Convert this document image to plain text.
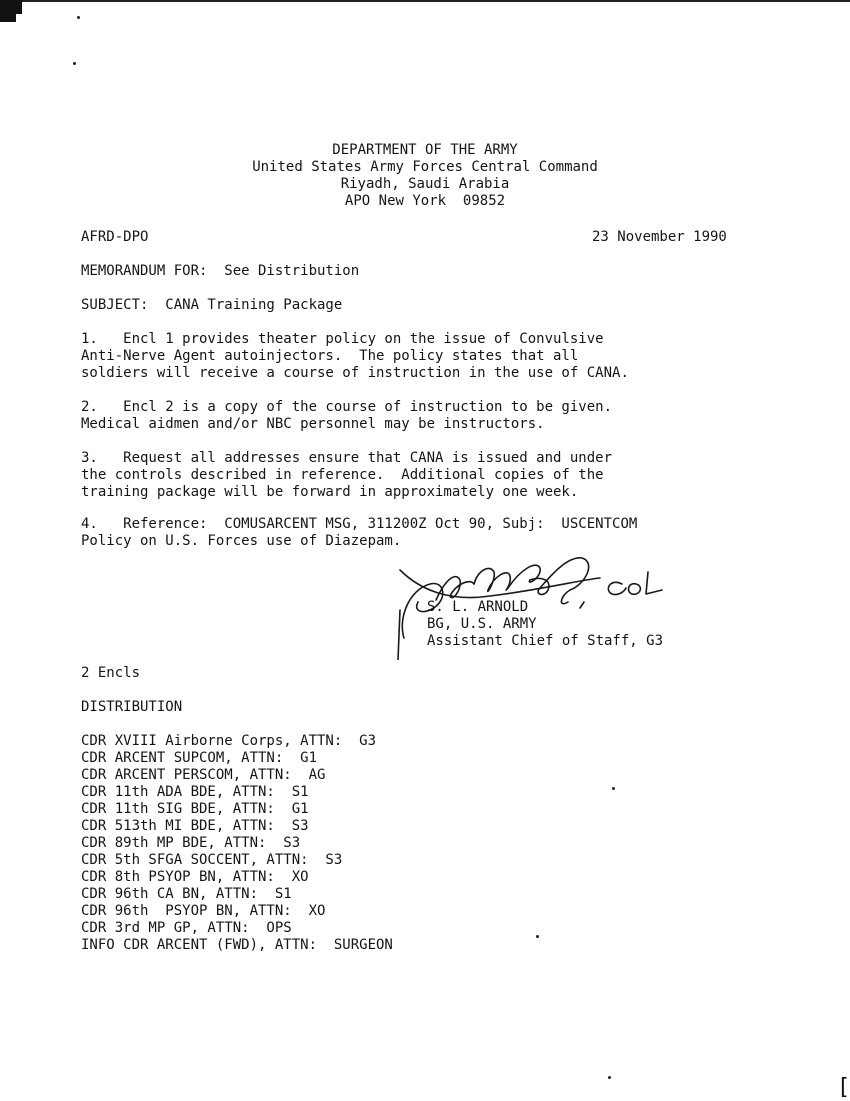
DEPARTMENT OF THE ARMY
United States Army Forces Central Command
Riyadh, Saudi Arabia
APO New York  09852
AFRD-DPO	23 November 1990
MEMORANDUM FOR:  See Distribution
SUBJECT:  CANA Training Package
1.   Encl 1 provides theater policy on the issue of Convulsive
Anti-Nerve Agent autoinjectors.  The policy states that all
soldiers will receive a course of instruction in the use of CANA.
2.   Encl 2 is a copy of the course of instruction to be given.
Medical aidmen and/or NBC personnel may be instructors.
3.   Request all addresses ensure that CANA is issued and under
the controls described in reference.  Additional copies of the
training package will be forward in approximately one week.
4.   Reference:  COMUSARCENT MSG, 311200Z Oct 90, Subj:  USCENTCOM
Policy on U.S. Forces use of Diazepam.
S. L. ARNOLD
BG, U.S. ARMY
Assistant Chief of Staff, G3
2 Encls
DISTRIBUTION
CDR XVIII Airborne Corps, ATTN:  G3
CDR ARCENT SUPCOM, ATTN:  G1
CDR ARCENT PERSCOM, ATTN:  AG
CDR 11th ADA BDE, ATTN:  S1
CDR 11th SIG BDE, ATTN:  G1
CDR 513th MI BDE, ATTN:  S3
CDR 89th MP BDE, ATTN:  S3
CDR 5th SFGA SOCCENT, ATTN:  S3
CDR 8th PSYOP BN, ATTN:  XO
CDR 96th CA BN, ATTN:  S1
CDR 96th  PSYOP BN, ATTN:  XO
CDR 3rd MP GP, ATTN:  OPS
INFO CDR ARCENT (FWD), ATTN:  SURGEON
[
